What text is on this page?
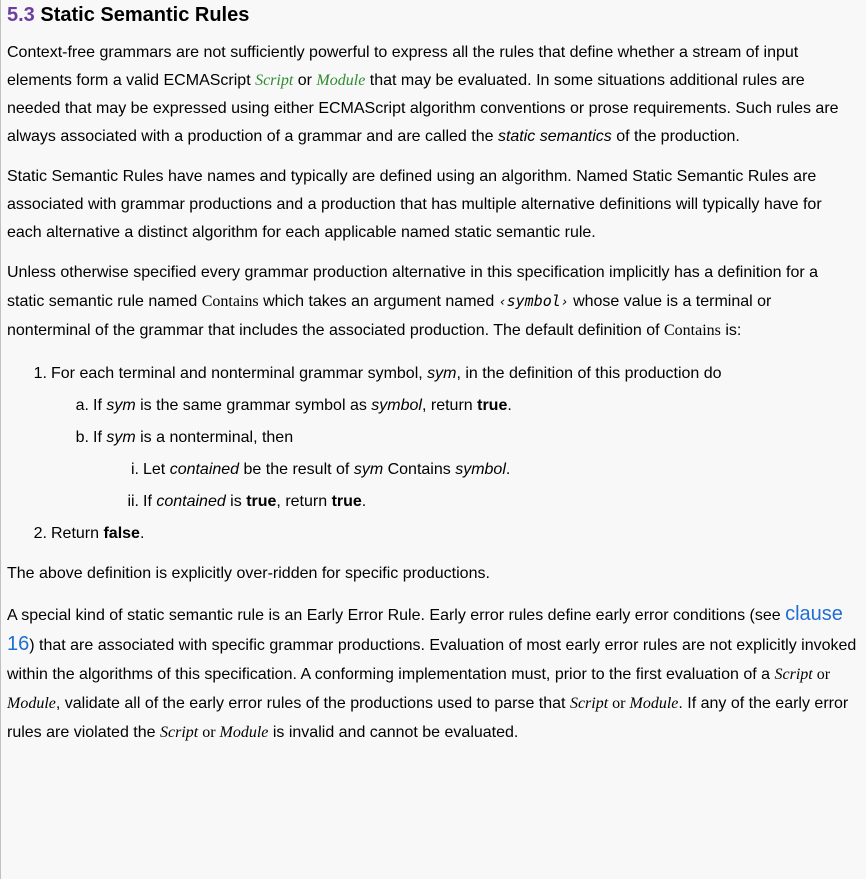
5.3 Static Semantic Rules

Context-free grammars are not sufficiently powerful to express all the rules that define whether a stream of input elements form a valid ECMAScript Script or Module that may be evaluated. In some situations additional rules are needed that may be expressed using either ECMAScript algorithm conventions or prose requirements. Such rules are always associated with a production of a grammar and are called the static semantics of the production.

Static Semantic Rules have names and typically are defined using an algorithm. Named Static Semantic Rules are associated with grammar productions and a production that has multiple alternative definitions will typically have for each alternative a distinct algorithm for each applicable named static semantic rule.

Unless otherwise specified every grammar production alternative in this specification implicitly has a definition for a static semantic rule named Contains which takes an argument named ‹symbol› whose value is a terminal or nonterminal of the grammar that includes the associated production. The default definition of Contains is:

1. For each terminal and nonterminal grammar symbol, sym, in the definition of this production do
a. If sym is the same grammar symbol as symbol, return true.
b. If sym is a nonterminal, then
i. Let contained be the result of sym Contains symbol.
ii. If contained is true, return true.
2. Return false.

The above definition is explicitly over-ridden for specific productions.

A special kind of static semantic rule is an Early Error Rule. Early error rules define early error conditions (see clause 16) that are associated with specific grammar productions. Evaluation of most early error rules are not explicitly invoked within the algorithms of this specification. A conforming implementation must, prior to the first evaluation of a Script or Module, validate all of the early error rules of the productions used to parse that Script or Module. If any of the early error rules are violated the Script or Module is invalid and cannot be evaluated.
